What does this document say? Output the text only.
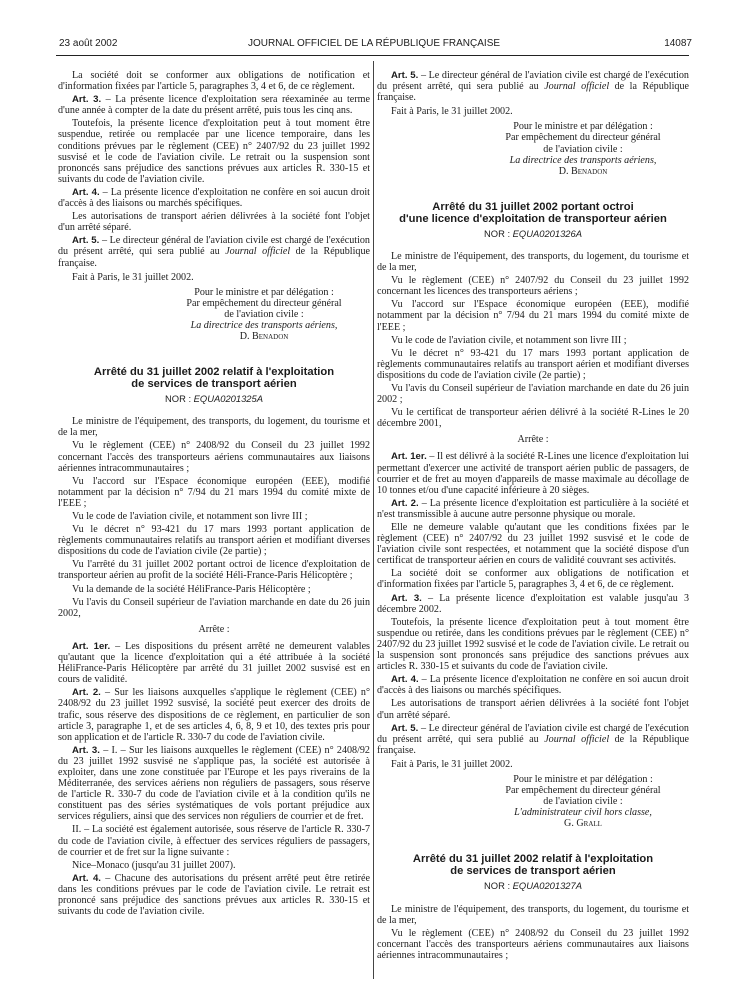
23 août 2002	JOURNAL OFFICIEL DE LA RÉPUBLIQUE FRANÇAISE	14087

La société doit se conformer aux obligations de notification et d'information fixées par l'article 5, paragraphes 3, 4 et 6, de ce règlement.

Art. 3. – La présente licence d'exploitation sera réexaminée au terme d'une année à compter de la date du présent arrêté, puis tous les cinq ans.

Toutefois, la présente licence d'exploitation peut à tout moment être suspendue, retirée ou remplacée par une licence temporaire, dans les conditions prévues par le règlement (CEE) n° 2407/92 du 23 juillet 1992 susvisé et le code de l'aviation civile. Le retrait ou la suspension sont prononcés sans préjudice des sanctions prévues aux articles R. 330-15 et suivants du code de l'aviation civile.

Art. 4. – La présente licence d'exploitation ne confère en soi aucun droit d'accès à des liaisons ou marchés spécifiques.

Les autorisations de transport aérien délivrées à la société font l'objet d'un arrêté séparé.

Art. 5. – Le directeur général de l'aviation civile est chargé de l'exécution du présent arrêté, qui sera publié au Journal officiel de la République française.

Fait à Paris, le 31 juillet 2002.

Pour le ministre et par délégation :
Par empêchement du directeur général
de l'aviation civile :
La directrice des transports aériens,
D. Benadon
Arrêté du 31 juillet 2002 relatif à l'exploitation
de services de transport aérien
NOR : EQUA0201325A

Le ministre de l'équipement, des transports, du logement, du tourisme et de la mer,

Vu le règlement (CEE) n° 2408/92 du Conseil du 23 juillet 1992 concernant l'accès des transporteurs aériens communautaires aux liaisons aériennes intracommunautaires ;

Vu l'accord sur l'Espace économique européen (EEE), modifié notamment par la décision n° 7/94 du 21 mars 1994 du comité mixte de l'EEE ;

Vu le code de l'aviation civile, et notamment son livre III ;

Vu le décret n° 93-421 du 17 mars 1993 portant application de règlements communautaires relatifs au transport aérien et modifiant diverses dispositions du code de l'aviation civile (2e partie) ;

Vu l'arrêté du 31 juillet 2002 portant octroi de licence d'exploitation de transporteur aérien au profit de la société Héli-France-Paris Hélicoptère ;

Vu la demande de la société HéliFrance-Paris Hélicoptère ;

Vu l'avis du Conseil supérieur de l'aviation marchande en date du 26 juin 2002,

Arrête :

Art. 1er. – Les dispositions du présent arrêté ne demeurent valables qu'autant que la licence d'exploitation qui a été attribuée à la société HéliFrance-Paris Hélicoptère par arrêté du 31 juillet 2002 susvisé est en cours de validité.

Art. 2. – Sur les liaisons auxquelles s'applique le règlement (CEE) n° 2408/92 du 23 juillet 1992 susvisé, la société peut exercer des droits de trafic, sous réserve des dispositions de ce règlement, en particulier de son article 3, paragraphe 1, et de ses articles 4, 6, 8, 9 et 10, des textes pris pour son application et de l'article R. 330-7 du code de l'aviation civile.

Art. 3. – I. – Sur les liaisons auxquelles le règlement (CEE) n° 2408/92 du 23 juillet 1992 susvisé ne s'applique pas, la société est autorisée à exploiter, dans une zone constituée par l'Europe et les pays riverains de la Méditerranée, des services aériens non réguliers de passagers, sous réserve de l'article R. 330-7 du code de l'aviation civile et à la condition qu'ils ne constituent pas des séries systématiques de vols portant préjudice aux services réguliers, ainsi que des services non réguliers de courrier et de fret.

II. – La société est également autorisée, sous réserve de l'article R. 330-7 du code de l'aviation civile, à effectuer des services réguliers de passagers, de courrier et de fret sur la ligne suivante :

Nice–Monaco (jusqu'au 31 juillet 2007).

Art. 4. – Chacune des autorisations du présent arrêté peut être retirée dans les conditions prévues par le code de l'aviation civile. Le retrait est prononcé sans préjudice des sanctions prévues aux articles R. 330-15 et suivants du code de l'aviation civile.

Art. 5. – Le directeur général de l'aviation civile est chargé de l'exécution du présent arrêté, qui sera publié au Journal officiel de la République française.

Fait à Paris, le 31 juillet 2002.

Pour le ministre et par délégation :
Par empêchement du directeur général
de l'aviation civile :
La directrice des transports aériens,
D. Benadon
Arrêté du 31 juillet 2002 portant octroi
d'une licence d'exploitation de transporteur aérien
NOR : EQUA0201326A

Le ministre de l'équipement, des transports, du logement, du tourisme et de la mer,

Vu le règlement (CEE) n° 2407/92 du Conseil du 23 juillet 1992 concernant les licences des transporteurs aériens ;

Vu l'accord sur l'Espace économique européen (EEE), modifié notamment par la décision n° 7/94 du 21 mars 1994 du comité mixte de l'EEE ;

Vu le code de l'aviation civile, et notamment son livre III ;

Vu le décret n° 93-421 du 17 mars 1993 portant application de règlements communautaires relatifs au transport aérien et modifiant diverses dispositions du code de l'aviation civile (2e partie) ;

Vu l'avis du Conseil supérieur de l'aviation marchande en date du 26 juin 2002 ;

Vu le certificat de transporteur aérien délivré à la société R-Lines le 20 décembre 2001,

Arrête :

Art. 1er. – Il est délivré à la société R-Lines une licence d'exploitation lui permettant d'exercer une activité de transport aérien public de passagers, de courrier et de fret au moyen d'appareils de masse maximale au décollage de 10 tonnes et/ou d'une capacité inférieure à 20 sièges.

Art. 2. – La présente licence d'exploitation est particulière à la société et n'est transmissible à aucune autre personne physique ou morale.

Elle ne demeure valable qu'autant que les conditions fixées par le règlement (CEE) n° 2407/92 du 23 juillet 1992 susvisé et le code de l'aviation civile sont respectées, et notamment que la société dispose d'un certificat de transporteur aérien en cours de validité couvrant ses activités.

La société doit se conformer aux obligations de notification et d'information fixées par l'article 5, paragraphes 3, 4 et 6, de ce règlement.

Art. 3. – La présente licence d'exploitation est valable jusqu'au 3 décembre 2002.

Toutefois, la présente licence d'exploitation peut à tout moment être suspendue ou retirée, dans les conditions prévues par le règlement (CEE) n° 2407/92 du 23 juillet 1992 susvisé et le code de l'aviation civile. Le retrait ou la suspension sont prononcés sans préjudice des sanctions prévues aux articles R. 330-15 et suivants du code de l'aviation civile.

Art. 4. – La présente licence d'exploitation ne confère en soi aucun droit d'accès à des liaisons ou marchés spécifiques.

Les autorisations de transport aérien délivrées à la société font l'objet d'un arrêté séparé.

Art. 5. – Le directeur général de l'aviation civile est chargé de l'exécution du présent arrêté, qui sera publié au Journal officiel de la République française.

Fait à Paris, le 31 juillet 2002.

Pour le ministre et par délégation :
Par empêchement du directeur général
de l'aviation civile :
L'administrateur civil hors classe,
G. Grall
Arrêté du 31 juillet 2002 relatif à l'exploitation
de services de transport aérien
NOR : EQUA0201327A

Le ministre de l'équipement, des transports, du logement, du tourisme et de la mer,

Vu le règlement (CEE) n° 2408/92 du Conseil du 23 juillet 1992 concernant l'accès des transporteurs aériens communautaires aux liaisons aériennes intracommunautaires ;
